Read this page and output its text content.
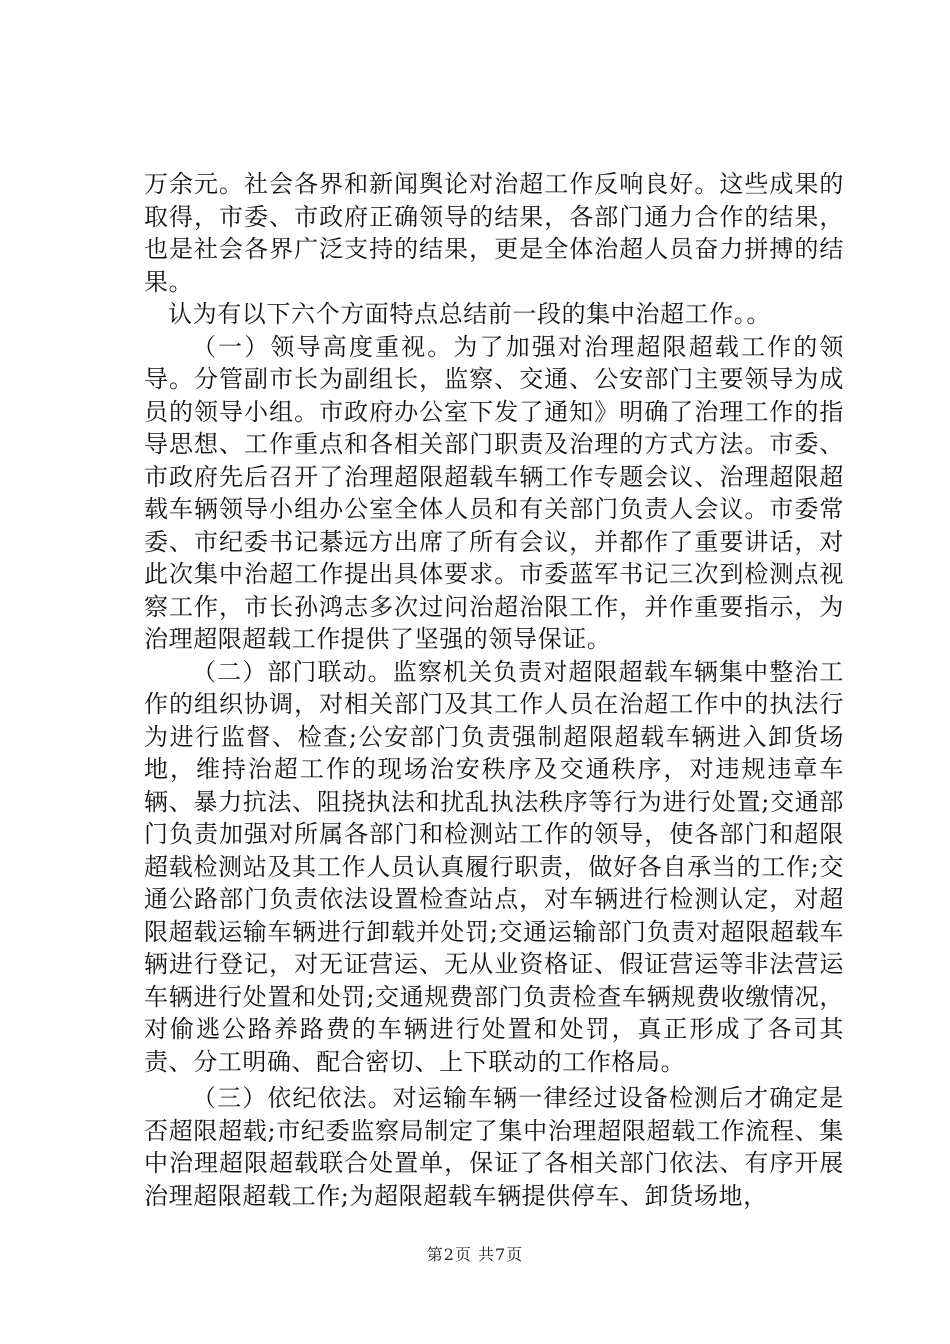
万余元。社会各界和新闻舆论对治超工作反响良好。这些成果的取得，市委、市政府正确领导的结果，各部门通力合作的结果，也是社会各界广泛支持的结果，更是全体治超人员奋力拼搏的结果。

认为有以下六个方面特点总结前一段的集中治超工作。。

（一）领导高度重视。为了加强对治理超限超载工作的领导。分管副市长为副组长，监察、交通、公安部门主要领导为成员的领导小组。市政府办公室下发了通知》明确了治理工作的指导思想、工作重点和各相关部门职责及治理的方式方法。市委、市政府先后召开了治理超限超载车辆工作专题会议、治理超限超载车辆领导小组办公室全体人员和有关部门负责人会议。市委常委、市纪委书记綦远方出席了所有会议，并都作了重要讲话，对此次集中治超工作提出具体要求。市委蓝军书记三次到检测点视察工作，市长孙鸿志多次过问治超治限工作，并作重要指示，为治理超限超载工作提供了坚强的领导保证。

（二）部门联动。监察机关负责对超限超载车辆集中整治工作的组织协调，对相关部门及其工作人员在治超工作中的执法行为进行监督、检查;公安部门负责强制超限超载车辆进入卸货场地，维持治超工作的现场治安秩序及交通秩序，对违规违章车辆、暴力抗法、阻挠执法和扰乱执法秩序等行为进行处置;交通部门负责加强对所属各部门和检测站工作的领导，使各部门和超限超载检测站及其工作人员认真履行职责，做好各自承当的工作;交通公路部门负责依法设置检查站点，对车辆进行检测认定，对超限超载运输车辆进行卸载并处罚;交通运输部门负责对超限超载车辆进行登记，对无证营运、无从业资格证、假证营运等非法营运车辆进行处置和处罚;交通规费部门负责检查车辆规费收缴情况，对偷逃公路养路费的车辆进行处置和处罚，真正形成了各司其责、分工明确、配合密切、上下联动的工作格局。

（三）依纪依法。对运输车辆一律经过设备检测后才确定是否超限超载;市纪委监察局制定了集中治理超限超载工作流程、集中治理超限超载联合处置单，保证了各相关部门依法、有序开展治理超限超载工作;为超限超载车辆提供停车、卸货场地，

第2页 共7页
